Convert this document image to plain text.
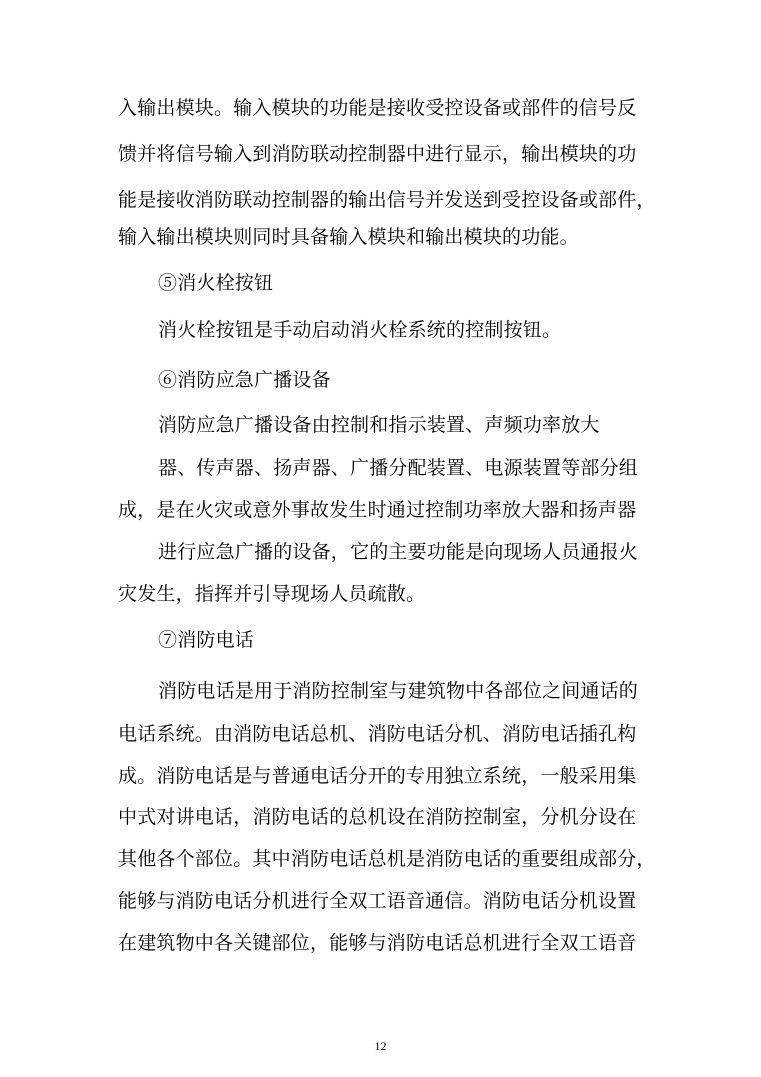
入输出模块。输入模块的功能是接收受控设备或部件的信号反

馈并将信号输入到消防联动控制器中进行显示，输出模块的功

能是接收消防联动控制器的输出信号并发送到受控设备或部件，

输入输出模块则同时具备输入模块和输出模块的功能。

⑤消火栓按钮

消火栓按钮是手动启动消火栓系统的控制按钮。

⑥消防应急广播设备

消防应急广播设备由控制和指示装置、声频功率放大

器、传声器、扬声器、广播分配装置、电源装置等部分组

成，是在火灾或意外事故发生时通过控制功率放大器和扬声器

进行应急广播的设备，它的主要功能是向现场人员通报火

灾发生，指挥并引导现场人员疏散。

⑦消防电话

消防电话是用于消防控制室与建筑物中各部位之间通话的

电话系统。由消防电话总机、消防电话分机、消防电话插孔构

成。消防电话是与普通电话分开的专用独立系统，一般采用集

中式对讲电话，消防电话的总机设在消防控制室，分机分设在

其他各个部位。其中消防电话总机是消防电话的重要组成部分，

能够与消防电话分机进行全双工语音通信。消防电话分机设置

在建筑物中各关键部位，能够与消防电话总机进行全双工语音

12
